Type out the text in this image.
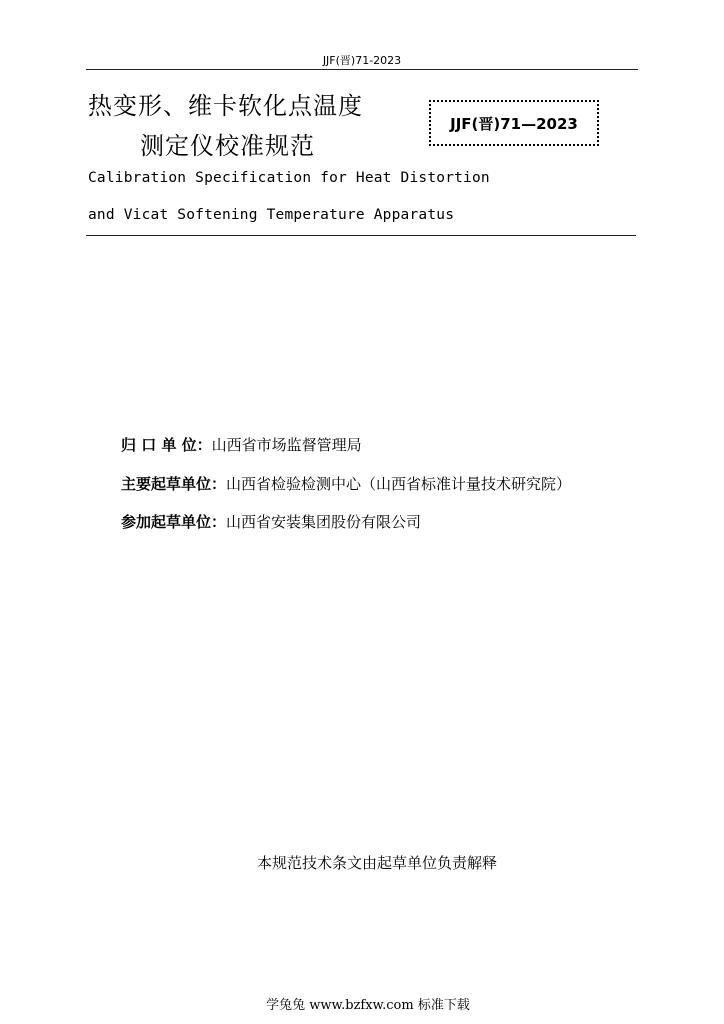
JJF(晋)71-2023
热变形、维卡软化点温度
测定仪校准规范
JJF(晋)71—2023
Calibration Specification for Heat Distortion
and Vicat Softening Temperature Apparatus
归 口 单 位：山西省市场监督管理局
主要起草单位：山西省检验检测中心（山西省标准计量技术研究院）
参加起草单位：山西省安装集团股份有限公司
本规范技术条文由起草单位负责解释
学兔兔 www.bzfxw.com 标准下载
